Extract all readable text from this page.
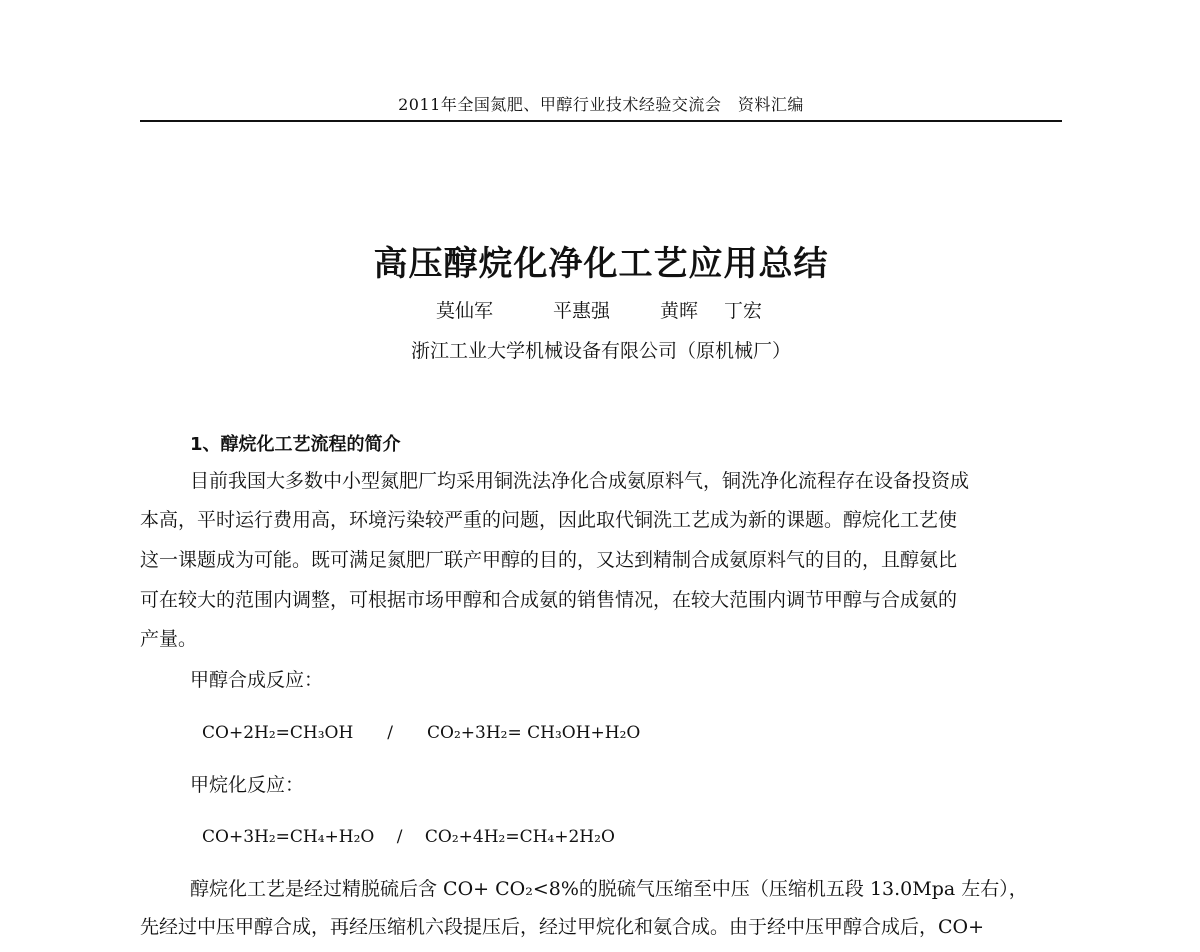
2011年全国氮肥、甲醇行业技术经验交流会　资料汇编
高压醇烷化净化工艺应用总结
莫仙军	平惠强	黄晖 丁宏
浙江工业大学机械设备有限公司（原机械厂）
1、醇烷化工艺流程的简介
目前我国大多数中小型氮肥厂均采用铜洗法净化合成氨原料气，铜洗净化流程存在设备投资成
本高，平时运行费用高，环境污染较严重的问题，因此取代铜洗工艺成为新的课题。醇烷化工艺使
这一课题成为可能。既可满足氮肥厂联产甲醇的目的，又达到精制合成氨原料气的目的，且醇氨比
可在较大的范围内调整，可根据市场甲醇和合成氨的销售情况，在较大范围内调节甲醇与合成氨的
产量。
甲醇合成反应：
CO+2H₂=CH₃OH　　/　　CO₂+3H₂= CH₃OH+H₂O
甲烷化反应：
CO+3H₂=CH₄+H₂O　 /　 CO₂+4H₂=CH₄+2H₂O
醇烷化工艺是经过精脱硫后含 CO+ CO₂<8%的脱硫气压缩至中压（压缩机五段 13.0Mpa 左右），
先经过中压甲醇合成，再经压缩机六段提压后，经过甲烷化和氨合成。由于经中压甲醇合成后，CO+
